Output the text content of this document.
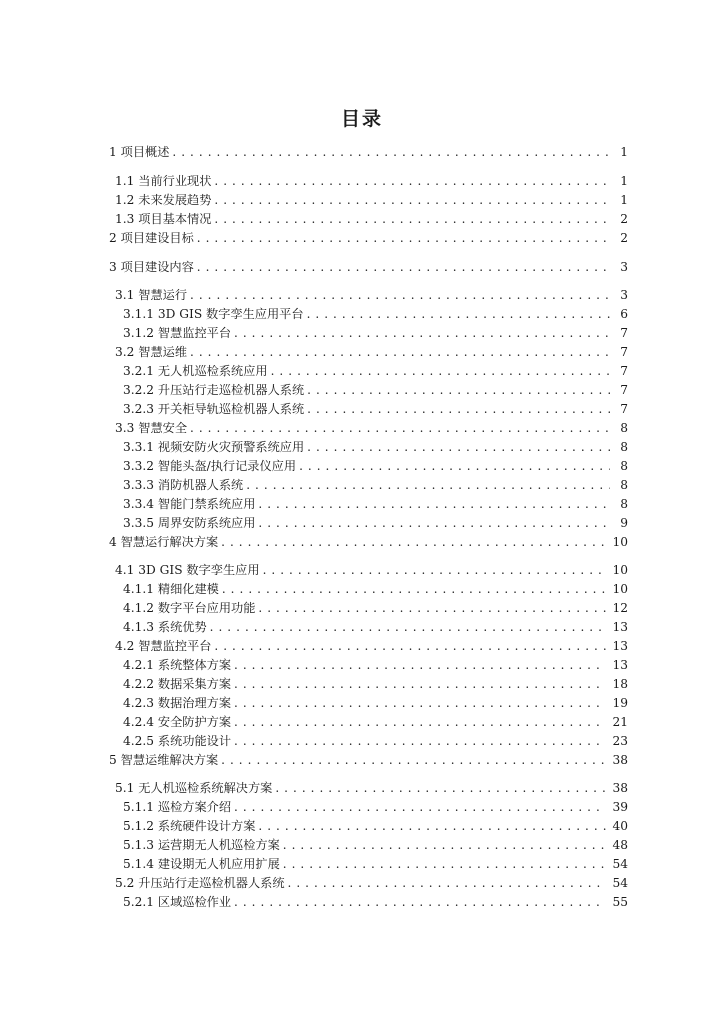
目录
1 项目概述 . . .	1
1.1 当前行业现状 . . .	1
1.2 未来发展趋势 . . .	1
1.3 项目基本情况 . . .	2
2 项目建设目标 . . .	2
3 项目建设内容 . . .	3
3.1 智慧运行 . . .	3
3.1.1 3D GIS 数字孪生应用平台 . . .	6
3.1.2 智慧监控平台 . . .	7
3.2 智慧运维 . . .	7
3.2.1 无人机巡检系统应用 . . .	7
3.2.2 升压站行走巡检机器人系统 . . .	7
3.2.3 开关柜导轨巡检机器人系统 . . .	7
3.3 智慧安全 . . .	8
3.3.1 视频安防火灾预警系统应用 . . .	8
3.3.2 智能头盔/执行记录仪应用 . . .	8
3.3.3 消防机器人系统 . . .	8
3.3.4 智能门禁系统应用 . . .	8
3.3.5 周界安防系统应用 . . .	9
4 智慧运行解决方案 . . .	10
4.1 3D GIS 数字孪生应用 . . .	10
4.1.1 精细化建模 . . .	10
4.1.2 数字平台应用功能 . . .	12
4.1.3 系统优势 . . .	13
4.2 智慧监控平台 . . .	13
4.2.1 系统整体方案 . . .	13
4.2.2 数据采集方案 . . .	18
4.2.3 数据治理方案 . . .	19
4.2.4 安全防护方案 . . .	21
4.2.5 系统功能设计 . . .	23
5 智慧运维解决方案 . . .	38
5.1 无人机巡检系统解决方案 . . .	38
5.1.1 巡检方案介绍 . . .	39
5.1.2 系统硬件设计方案 . . .	40
5.1.3 运营期无人机巡检方案 . . .	48
5.1.4 建设期无人机应用扩展 . . .	54
5.2 升压站行走巡检机器人系统 . . .	54
5.2.1 区域巡检作业 . . .	55
